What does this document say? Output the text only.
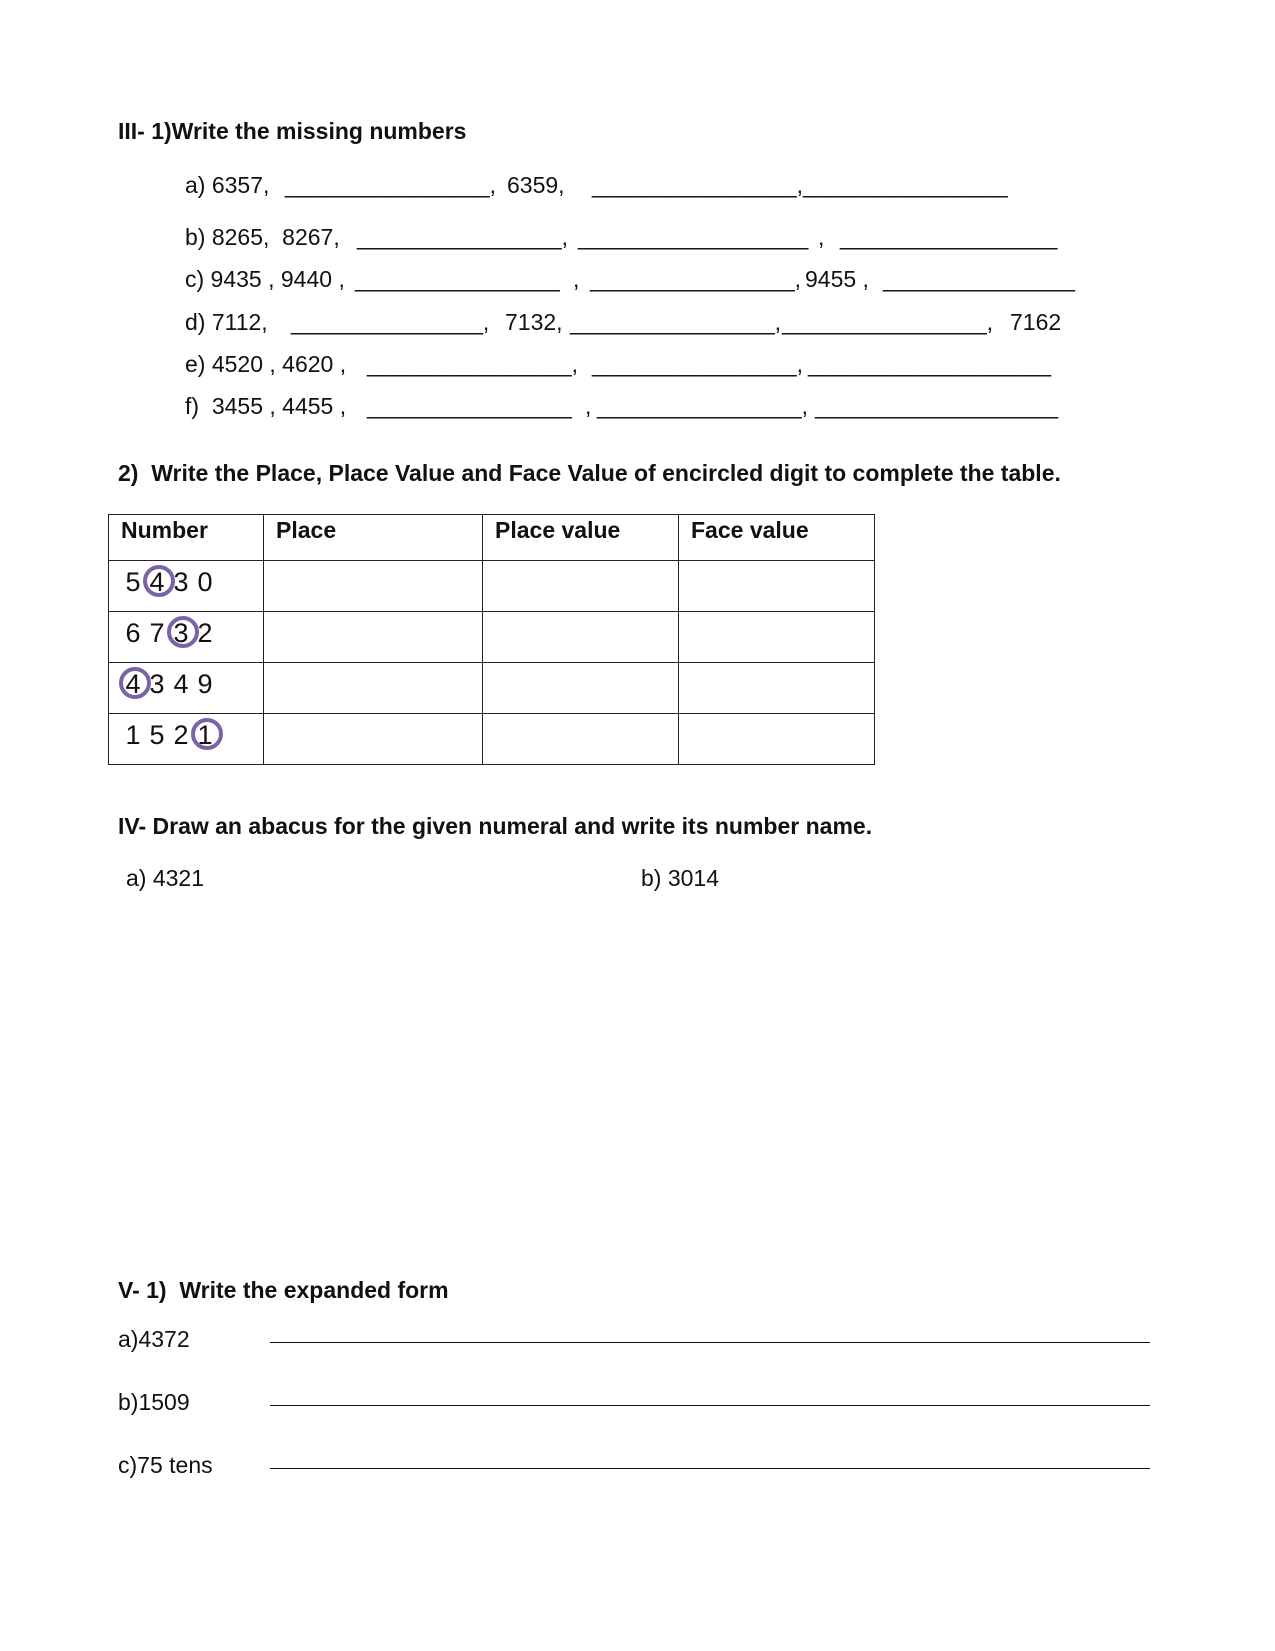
III- 1)Write the missing numbers

a) 6357,

________________,

6359,

________________,

________________

b) 8265,  8267,

________________,

__________________

,

_________________

c) 9435 , 9440 ,

________________

,

________________,

9455 ,

_______________

d) 7112,

_______________,

7132,

________________,

________________,

7162

e) 4520 , 4620 ,

________________,

________________,

___________________

f)  3455 , 4455 ,

________________

,

________________,

___________________

2)  Write the Place, Place Value and Face Value of encircled digit to complete the table.
Number	Place	Place value	Face value

5 4 3 0			

6 7 3 2			

4 3 4 9			

1 5 2 1			

IV- Draw an abacus for the given numeral and write its number name.
a) 4321	b) 3014
V- 1)  Write the expanded form
a)4372
b)1509
c)75 tens
